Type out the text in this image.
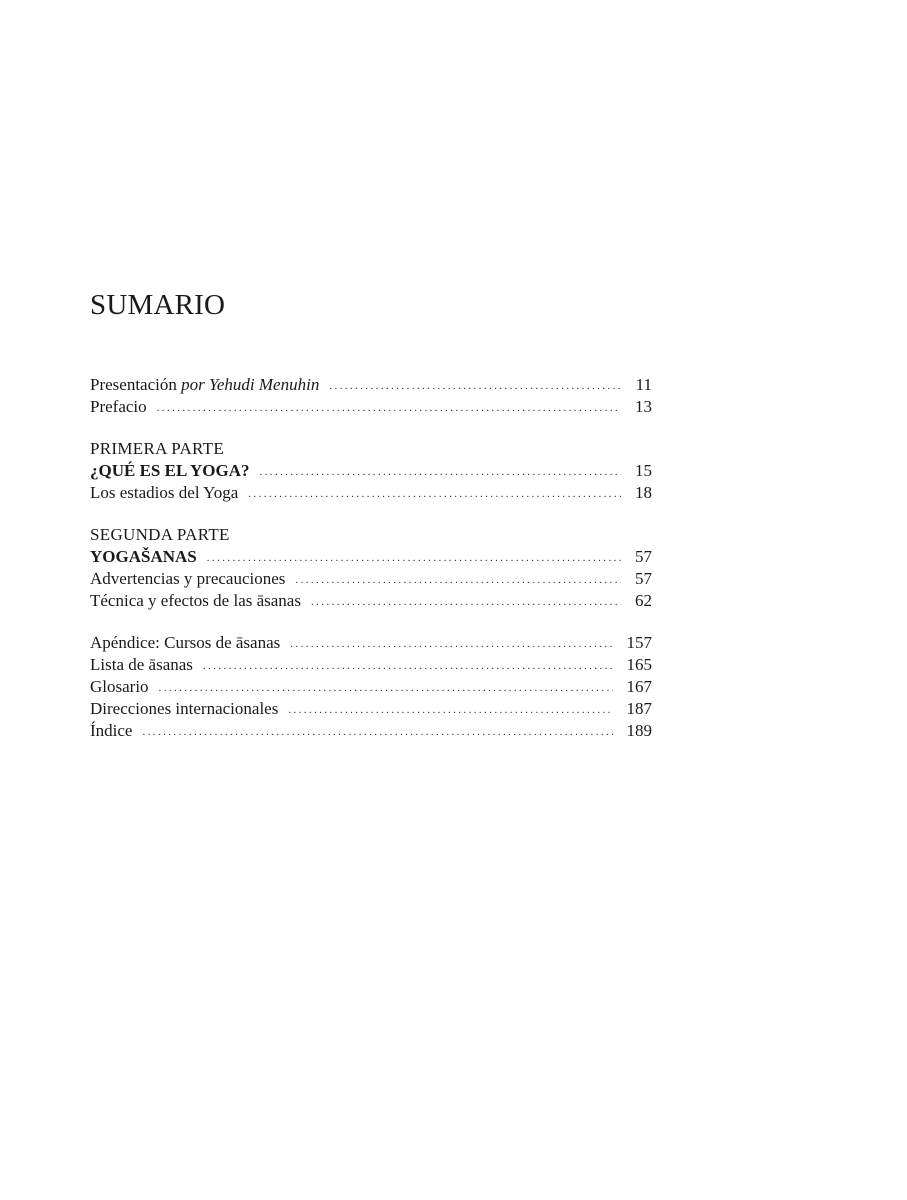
SUMARIO
Presentación por Yehudi Menuhin .....	11
Prefacio .....	13
PRIMERA PARTE
¿QUÉ ES EL YOGA? .....	15
Los estadios del Yoga .....	18
SEGUNDA PARTE
YOGAŠANAS .....	57
Advertencias y precauciones .....	57
Técnica y efectos de las āsanas .....	62
Apéndice: Cursos de āsanas .....	157
Lista de āsanas .....	165
Glosario .....	167
Direcciones internacionales .....	187
Índice .....	189
